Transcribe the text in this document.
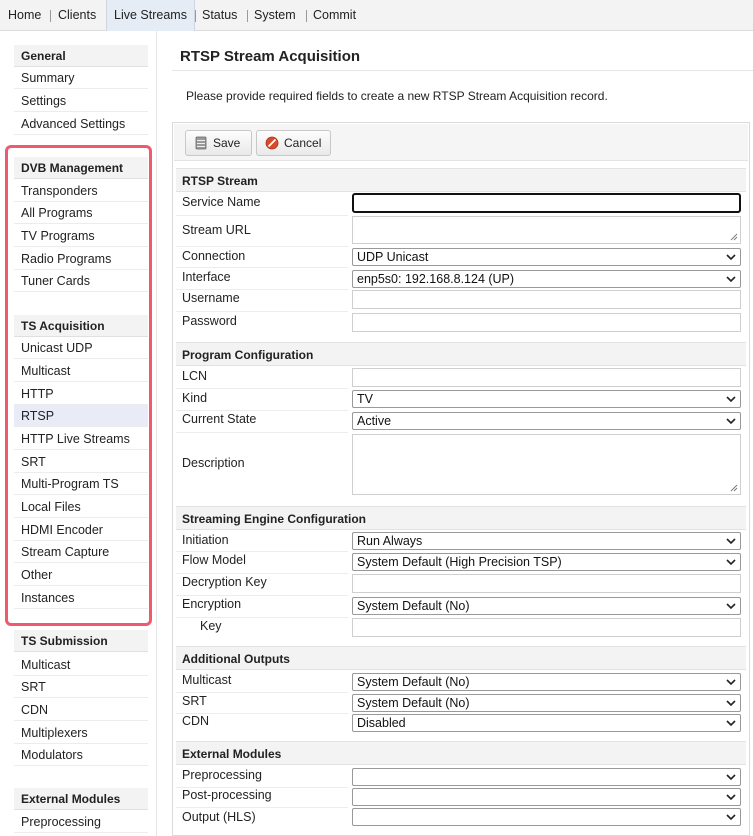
Home	Clients	Live Streams	Status	System	Commit
General
Summary
Settings
Advanced Settings
DVB Management
Transponders
All Programs
TV Programs
Radio Programs
Tuner Cards
TS Acquisition
Unicast UDP
Multicast
HTTP
RTSP
HTTP Live Streams
SRT
Multi-Program TS
Local Files
HDMI Encoder
Stream Capture
Other
Instances
TS Submission
Multicast
SRT
CDN
Multiplexers
Modulators
External Modules
Preprocessing
RTSP Stream Acquisition
Please provide required fields to create a new RTSP Stream Acquisition record.
Save	Cancel
RTSP Stream
Service Name
Stream URL
Connection	UDP Unicast
Interface	enp5s0: 192.168.8.124 (UP)
Username
Password
Program Configuration
LCN
Kind	TV
Current State	Active
Description
Streaming Engine Configuration
Initiation	Run Always
Flow Model	System Default (High Precision TSP)
Decryption Key
Encryption	System Default (No)
Key
Additional Outputs
Multicast	System Default (No)
SRT	System Default (No)
CDN	Disabled
External Modules
Preprocessing
Post-processing
Output (HLS)
